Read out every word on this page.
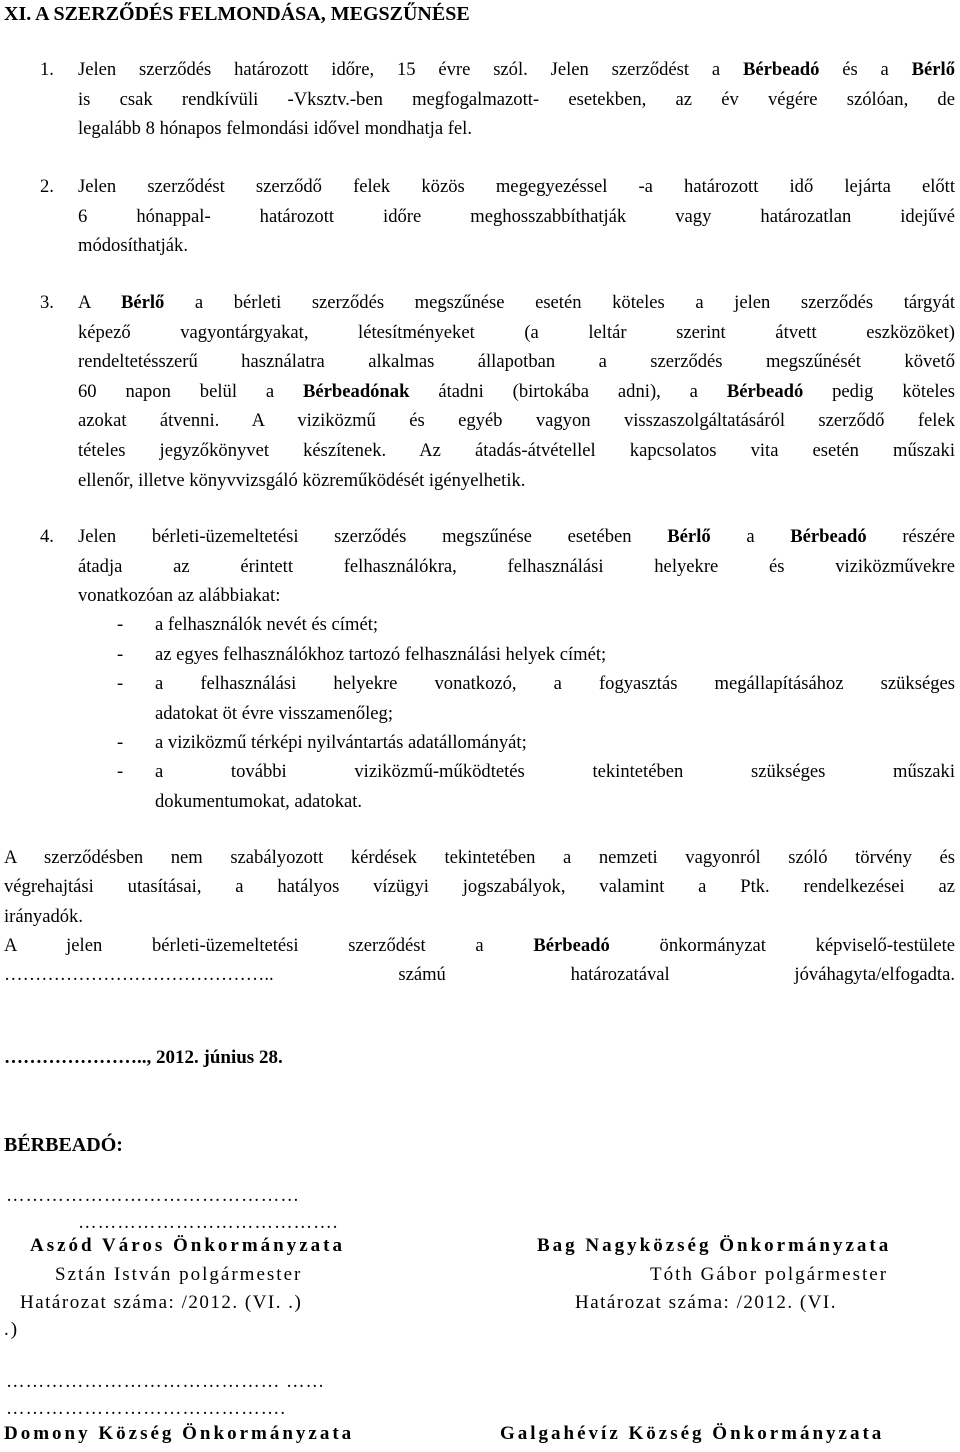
XI. A SZERZŐDÉS FELMONDÁSA, MEGSZŰNÉSE
1. Jelen szerződés határozott időre, 15 évre szól. Jelen szerződést a Bérbeadó és a Bérlő
is csak rendkívüli -Vksztv.-ben megfogalmazott- esetekben, az év végére szólóan, de
legalább 8 hónapos felmondási idővel mondhatja fel.
2. Jelen szerződést szerződő felek közös megegyezéssel -a határozott idő lejárta előtt
6 hónappal- határozott időre meghosszabbíthatják vagy határozatlan idejűvé
módosíthatják.
3. A Bérlő a bérleti szerződés megszűnése esetén köteles a jelen szerződés tárgyát
képező vagyontárgyakat, létesítményeket (a leltár szerint átvett eszközöket)
rendeltetésszerű használatra alkalmas állapotban a szerződés megszűnését követő
60 napon belül a Bérbeadónak átadni (birtokába adni), a Bérbeadó pedig köteles
azokat átvenni. A viziközmű és egyéb vagyon visszaszolgáltatásáról szerződő felek
tételes jegyzőkönyvet készítenek. Az átadás-átvétellel kapcsolatos vita esetén műszaki
ellenőr, illetve könyvvizsgáló közreműködését igényelhetik.
4. Jelen bérleti-üzemeltetési szerződés megszűnése esetében Bérlő a Bérbeadó részére
átadja az érintett felhasználókra, felhasználási helyekre és viziközművekre
vonatkozóan az alábbiakat:
- a felhasználók nevét és címét;
- az egyes felhasználókhoz tartozó felhasználási helyek címét;
- a felhasználási helyekre vonatkozó, a fogyasztás megállapításához szükséges
adatokat öt évre visszamenőleg;
- a viziközmű térképi nyilvántartás adatállományát;
- a további viziközmű-működtetés tekintetében szükséges műszaki
dokumentumokat, adatokat.
A szerződésben nem szabályozott kérdések tekintetében a nemzeti vagyonról szóló törvény és
végrehajtási utasításai, a hatályos vízügyi jogszabályok, valamint a Ptk. rendelkezései az
irányadók.
A jelen bérleti-üzemeltetési szerződést a Bérbeadó önkormányzat képviselő-testülete
…………………………………….. számú határozatával jóváhagyta/elfogadta.
………………….., 2012. június 28.
BÉRBEADÓ:
………………………………………
………………………………….
Aszód Város Önkormányzata
Sztán István polgármester
Határozat száma: /2012. (VI. .)
Bag Nagyközség Önkormányzata
Tóth Gábor polgármester
Határozat száma: /2012. (VI.
.)
…………………………………… ……
…………………………………….
Domony Község Önkormányzata	Galgahévíz Község Önkormányzata
